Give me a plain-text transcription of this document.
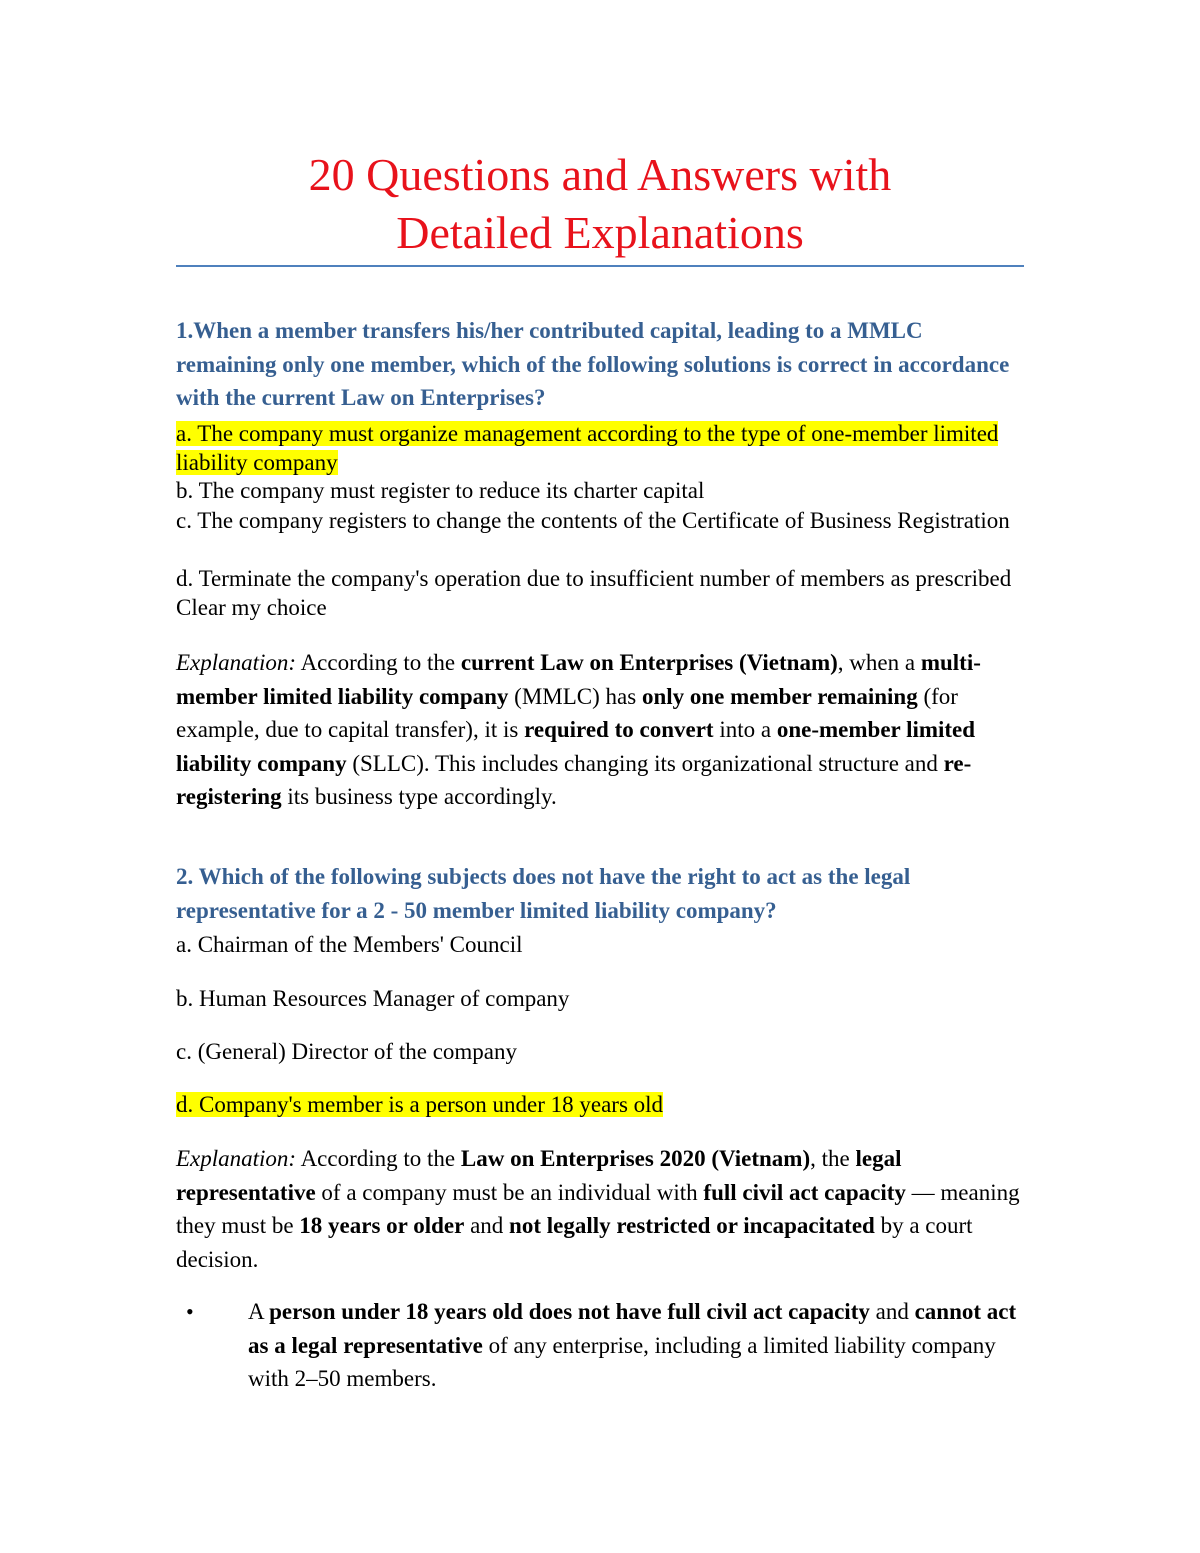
20 Questions and Answers with
Detailed Explanations

1.When a member transfers his/her contributed capital, leading to a MMLC remaining only one member, which of the following solutions is correct in accordance with the current Law on Enterprises?

a. The company must organize management according to the type of one-member limited liability company

b. The company must register to reduce its charter capital

c. The company registers to change the contents of the Certificate of Business Registration

d. Terminate the company's operation due to insufficient number of members as prescribed Clear my choice

Explanation: According to the current Law on Enterprises (Vietnam), when a multi-member limited liability company (MMLC) has only one member remaining (for example, due to capital transfer), it is required to convert into a one-member limited liability company (SLLC). This includes changing its organizational structure and re-registering its business type accordingly.

2. Which of the following subjects does not have the right to act as the legal representative for a 2 - 50 member limited liability company?

a. Chairman of the Members' Council

b. Human Resources Manager of company

c. (General) Director of the company

d. Company's member is a person under 18 years old

Explanation: According to the Law on Enterprises 2020 (Vietnam), the legal representative of a company must be an individual with full civil act capacity — meaning they must be 18 years or older and not legally restricted or incapacitated by a court decision.

• A person under 18 years old does not have full civil act capacity and cannot act as a legal representative of any enterprise, including a limited liability company with 2–50 members.
